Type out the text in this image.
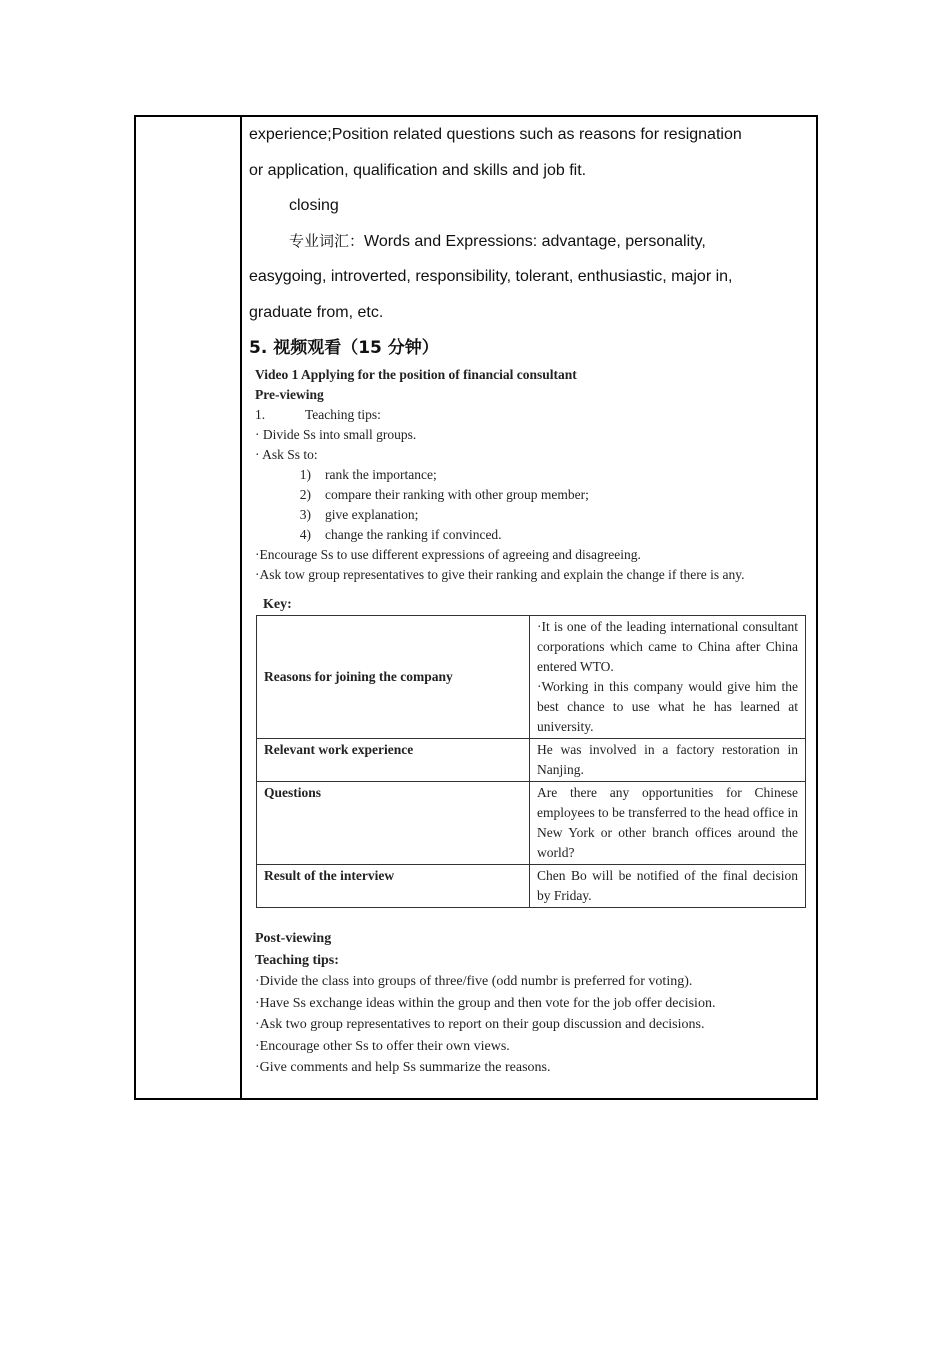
experience;Position related questions such as reasons for resignation

or application, qualification and skills and job fit.

closing

专业词汇：Words and Expressions: advantage, personality,

easygoing, introverted, responsibility, tolerant, enthusiastic, major in,

graduate from, etc.

5. 视频观看（15 分钟）

Video 1 Applying for the position of financial consultant

Pre-viewing

1.	Teaching tips:

· Divide Ss into small groups.

· Ask Ss to:

1) rank the importance;

2) compare their ranking with other group member;

3) give explanation;

4) change the ranking if convinced.

·Encourage Ss to use different expressions of agreeing and disagreeing.

·Ask tow group representatives to give their ranking and explain the change if there is any.

Key:

Reasons for joining the company	·It is one of the leading international consultant corporations which came to China after China entered WTO.
·Working in this company would give him the best chance to use what he has learned at university.
Relevant work experience	He was involved in a factory restoration in Nanjing.
Questions	Are there any opportunities for Chinese employees to be transferred to the head office in New York or other branch offices around the world?
Result of the interview	Chen Bo will be notified of the final decision by Friday.

Post-viewing

Teaching tips:

·Divide the class into groups of three/five (odd numbr is preferred for voting).

·Have Ss exchange ideas within the group and then vote for the job offer decision.

·Ask two group representatives to report on their goup discussion and decisions.

·Encourage other Ss to offer their own views.

·Give comments and help Ss summarize the reasons.
